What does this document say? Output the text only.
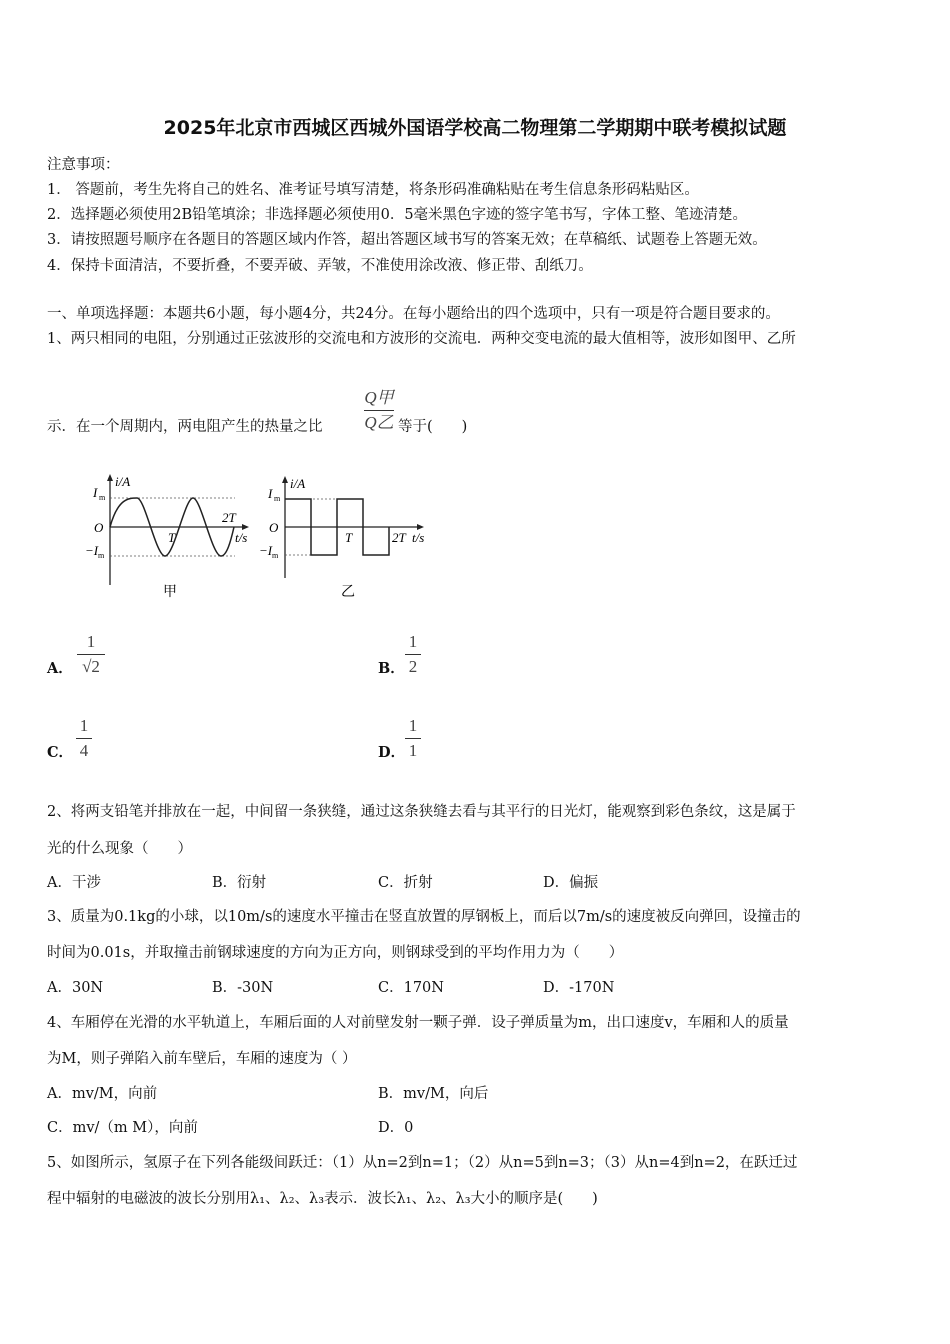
2025年北京市西城区西城外国语学校高二物理第二学期期中联考模拟试题
注意事项：
1． 答题前，考生先将自己的姓名、准考证号填写清楚，将条形码准确粘贴在考生信息条形码粘贴区。
2．选择题必须使用2B铅笔填涂；非选择题必须使用0．5毫米黑色字迹的签字笔书写，字体工整、笔迹清楚。
3．请按照题号顺序在各题目的答题区域内作答，超出答题区域书写的答案无效；在草稿纸、试题卷上答题无效。
4．保持卡面清洁，不要折叠，不要弄破、弄皱，不准使用涂改液、修正带、刮纸刀。
一、单项选择题：本题共6小题，每小题4分，共24分。在每小题给出的四个选项中，只有一项是符合题目要求的。
1、两只相同的电阻，分别通过正弦波形的交流电和方波形的交流电．两种交变电流的最大值相等，波形如图甲、乙所
示．在一个周期内，两电阻产生的热量之比
Q甲
Q乙 等于(　　)
i/A
I m
O
−I m
T
2T
t/s
甲
i/A
I m
O
−I m
T	2T t/s
乙
A．
1
√2	B．
1
2
C．
1
4	D．
1
1
2、将两支铅笔并排放在一起，中间留一条狭缝，通过这条狭缝去看与其平行的日光灯，能观察到彩色条纹，这是属于
光的什么现象（　　）
A．干涉	B．衍射	C．折射	D．偏振
3、质量为0.1kg的小球，以10m/s的速度水平撞击在竖直放置的厚钢板上，而后以7m/s的速度被反向弹回，设撞击的
时间为0.01s，并取撞击前钢球速度的方向为正方向，则钢球受到的平均作用力为（　　）
A．30N	B．-30N	C．170N	D．-170N
4、车厢停在光滑的水平轨道上，车厢后面的人对前壁发射一颗子弹．设子弹质量为m，出口速度v，车厢和人的质量
为M，则子弹陷入前车壁后，车厢的速度为（ ）
A．mv/M，向前	B．mv/M，向后
C．mv/（m M），向前	D．0
5、如图所示，氢原子在下列各能级间跃迁：（1）从n=2到n=1；（2）从n=5到n=3；（3）从n=4到n=2，在跃迁过
程中辐射的电磁波的波长分别用λ₁、λ₂、λ₃表示．波长λ₁、λ₂、λ₃大小的顺序是(　　)
